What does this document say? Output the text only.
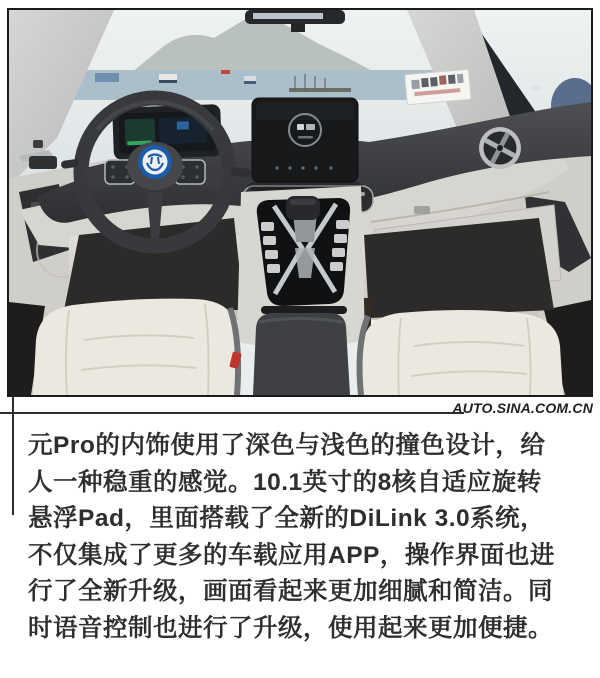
AUTO.SINA.COM.CN
元Pro的内饰使用了深色与浅色的撞色设计，给
人一种稳重的感觉。10.1英寸的8核自适应旋转
悬浮Pad，里面搭载了全新的DiLink 3.0系统，
不仅集成了更多的车载应用APP，操作界面也进
行了全新升级，画面看起来更加细腻和简洁。同
时语音控制也进行了升级，使用起来更加便捷。
